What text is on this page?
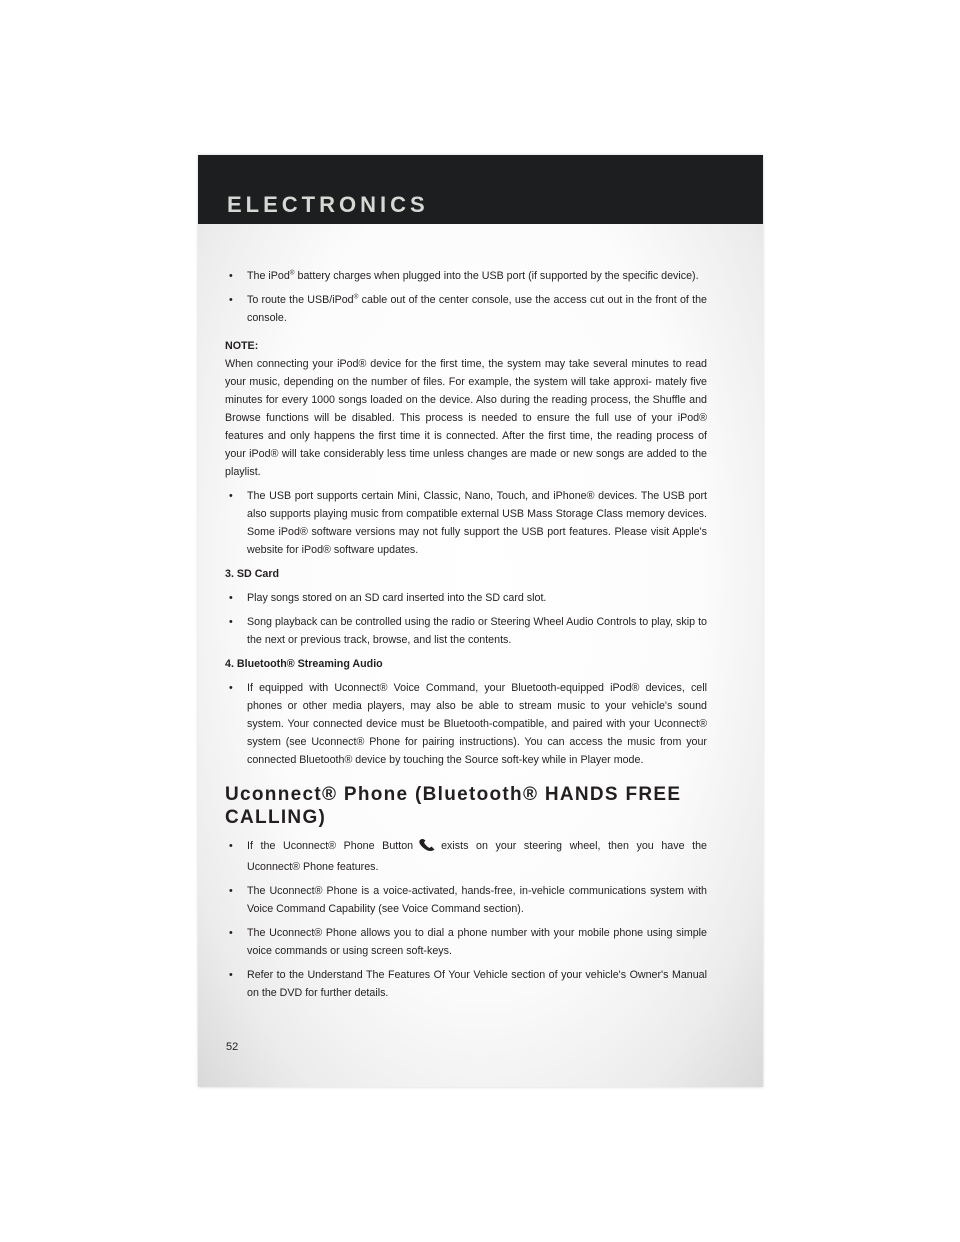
ELECTRONICS

• The iPod® battery charges when plugged into the USB port (if supported by the specific device).

• To route the USB/iPod® cable out of the center console, use the access cut out in the front of the console.

NOTE:

When connecting your iPod® device for the first time, the system may take several minutes to read your music, depending on the number of files. For example, the system will take approxi- mately five minutes for every 1000 songs loaded on the device. Also during the reading process, the Shuffle and Browse functions will be disabled. This process is needed to ensure the full use of your iPod® features and only happens the first time it is connected. After the first time, the reading process of your iPod® will take considerably less time unless changes are made or new songs are added to the playlist.

• The USB port supports certain Mini, Classic, Nano, Touch, and iPhone® devices. The USB port also supports playing music from compatible external USB Mass Storage Class memory devices. Some iPod® software versions may not fully support the USB port features. Please visit Apple's website for iPod® software updates.

3. SD Card

• Play songs stored on an SD card inserted into the SD card slot.

• Song playback can be controlled using the radio or Steering Wheel Audio Controls to play, skip to the next or previous track, browse, and list the contents.

4. Bluetooth® Streaming Audio

• If equipped with Uconnect® Voice Command, your Bluetooth-equipped iPod® devices, cell phones or other media players, may also be able to stream music to your vehicle's sound system. Your connected device must be Bluetooth-compatible, and paired with your Uconnect® system (see Uconnect® Phone for pairing instructions). You can access the music from your connected Bluetooth® device by touching the Source soft-key while in Player mode.

Uconnect® Phone (Bluetooth® HANDS FREE CALLING)

• If the Uconnect® Phone Button	exists on your steering wheel, then you have the Uconnect® Phone features.

• The Uconnect® Phone is a voice-activated, hands-free, in-vehicle communications system with Voice Command Capability (see Voice Command section).

• The Uconnect® Phone allows you to dial a phone number with your mobile phone using simple voice commands or using screen soft-keys.

• Refer to the Understand The Features Of Your Vehicle section of your vehicle's Owner's Manual on the DVD for further details.

52
